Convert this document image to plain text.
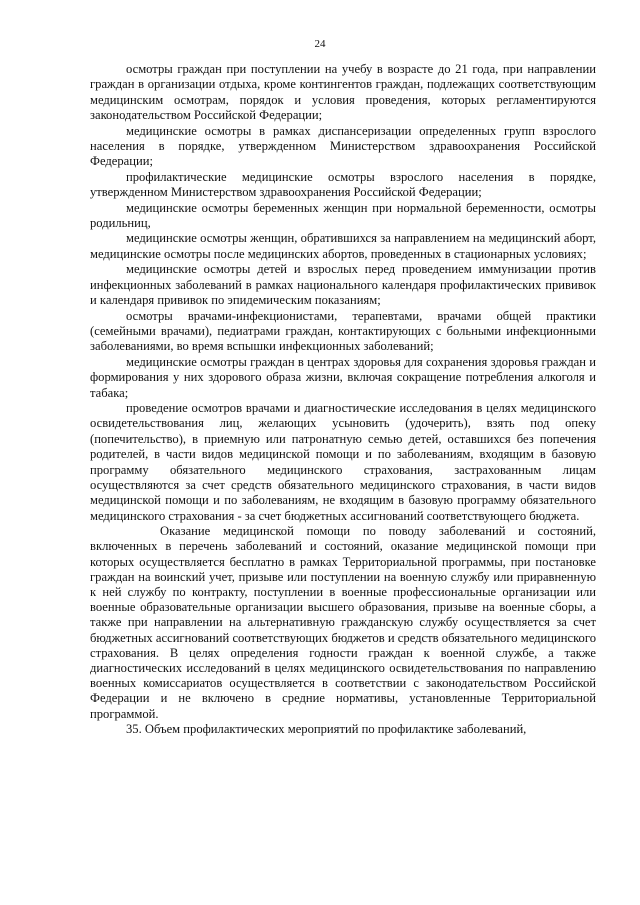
24

осмотры граждан при поступлении на учебу в возрасте до 21 года, при направлении граждан в организации отдыха, кроме контингентов граждан, подлежащих соответствующим медицинским осмотрам, порядок и условия проведения, которых регламентируются законодательством Российской Федерации;

медицинские осмотры в рамках диспансеризации определенных групп взрослого населения в порядке, утвержденном Министерством здравоохранения Российской Федерации;

профилактические медицинские осмотры взрослого населения в порядке, утвержденном Министерством здравоохранения Российской Федерации;

медицинские осмотры беременных женщин при нормальной беременности, осмотры родильниц,

медицинские осмотры женщин, обратившихся за направлением на медицинский аборт, медицинские осмотры после медицинских абортов, проведенных в стационарных условиях;

медицинские осмотры детей и взрослых перед проведением иммунизации против инфекционных заболеваний в рамках национального календаря профилактических прививок и календаря прививок по эпидемическим показаниям;

осмотры врачами-инфекционистами, терапевтами, врачами общей практики (семейными врачами), педиатрами граждан, контактирующих с больными инфекционными заболеваниями, во время вспышки инфекционных заболеваний;

медицинские осмотры граждан в центрах здоровья для сохранения здоровья граждан и формирования у них здорового образа жизни, включая сокращение потребления алкоголя и табака;

проведение осмотров врачами и диагностические исследования в целях медицинского освидетельствования лиц, желающих усыновить (удочерить), взять под опеку (попечительство), в приемную или патронатную семью детей, оставшихся без попечения родителей, в части видов медицинской помощи и по заболеваниям, входящим в базовую программу обязательного медицинского страхования, застрахованным лицам осуществляются за счет средств обязательного медицинского страхования, в части видов медицинской помощи и по заболеваниям, не входящим в базовую программу обязательного медицинского страхования - за счет бюджетных ассигнований соответствующего бюджета.

Оказание медицинской помощи по поводу заболеваний и состояний, включенных в перечень заболеваний и состояний, оказание медицинской помощи при которых осуществляется бесплатно в рамках Территориальной программы, при постановке граждан на воинский учет, призыве или поступлении на военную службу или приравненную к ней службу по контракту, поступлении в военные профессиональные организации или военные образовательные организации высшего образования, призыве на военные сборы, а также при направлении на альтернативную гражданскую службу осуществляется за счет бюджетных ассигнований соответствующих бюджетов и средств обязательного медицинского страхования. В целях определения годности граждан к военной службе, а также диагностических исследований в целях медицинского освидетельствования по направлению военных комиссариатов осуществляется в соответствии с законодательством Российской Федерации и не включено в средние нормативы, установленные Территориальной программой.

35. Объем профилактических мероприятий по профилактике заболеваний,
